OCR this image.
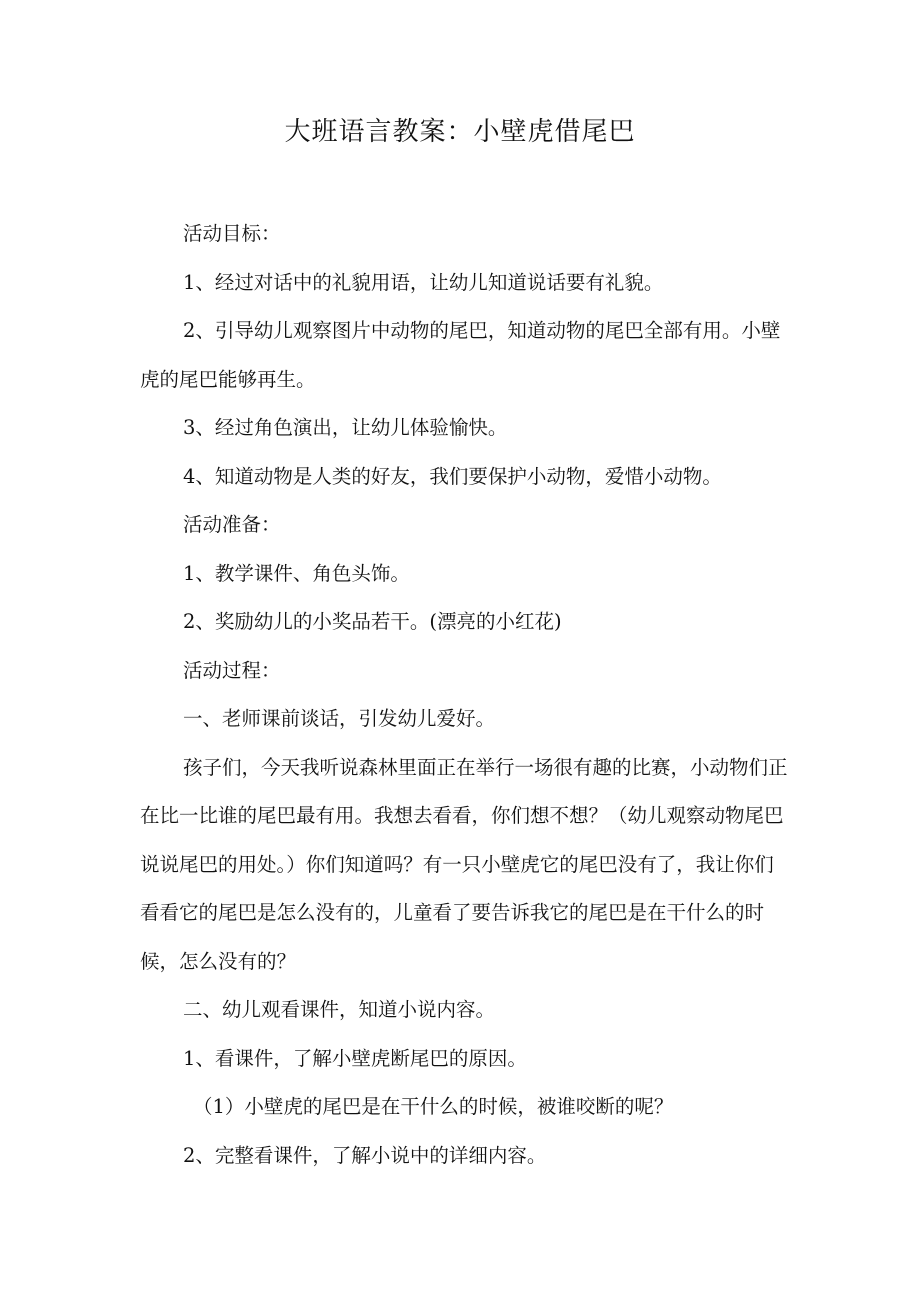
大班语言教案：小壁虎借尾巴

活动目标：

1、经过对话中的礼貌用语，让幼儿知道说话要有礼貌。

2、引导幼儿观察图片中动物的尾巴，知道动物的尾巴全部有用。小壁虎的尾巴能够再生。

3、经过角色演出，让幼儿体验愉快。

4、知道动物是人类的好友，我们要保护小动物，爱惜小动物。

活动准备：

1、教学课件、角色头饰。

2、奖励幼儿的小奖品若干。(漂亮的小红花)

活动过程：

一、老师课前谈话，引发幼儿爱好。

孩子们，今天我听说森林里面正在举行一场很有趣的比赛，小动物们正在比一比谁的尾巴最有用。我想去看看，你们想不想？（幼儿观察动物尾巴说说尾巴的用处。）你们知道吗？有一只小壁虎它的尾巴没有了，我让你们看看它的尾巴是怎么没有的，儿童看了要告诉我它的尾巴是在干什么的时候，怎么没有的？

二、幼儿观看课件，知道小说内容。

1、看课件，了解小壁虎断尾巴的原因。

（1）小壁虎的尾巴是在干什么的时候，被谁咬断的呢？

2、完整看课件，了解小说中的详细内容。
